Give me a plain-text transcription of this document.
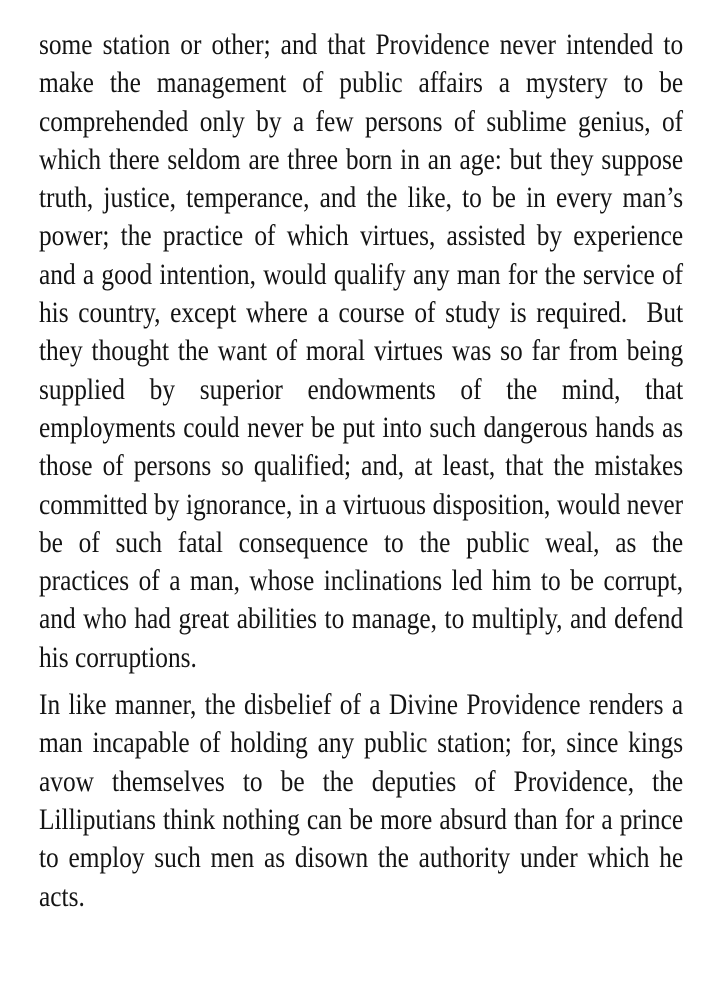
some station or other; and that Providence never intended to make the management of public affairs a mystery to be comprehended only by a few persons of sublime genius, of which there seldom are three born in an age: but they suppose truth, justice, temperance, and the like, to be in every man’s power; the practice of which virtues, assisted by experience and a good intention, would qualify any man for the service of his country, except where a course of study is required.  But they thought the want of moral virtues was so far from being supplied by superior endowments of the mind, that employments could never be put into such dangerous hands as those of persons so qualified; and, at least, that the mistakes committed by ignorance, in a virtuous disposition, would never be of such fatal consequence to the public weal, as the practices of a man, whose inclinations led him to be corrupt, and who had great abilities to manage, to multiply, and defend his corruptions.

In like manner, the disbelief of a Divine Providence renders a man incapable of holding any public station; for, since kings avow themselves to be the deputies of Providence, the Lilliputians think nothing can be more absurd than for a prince to employ such men as disown the authority under which he acts.
